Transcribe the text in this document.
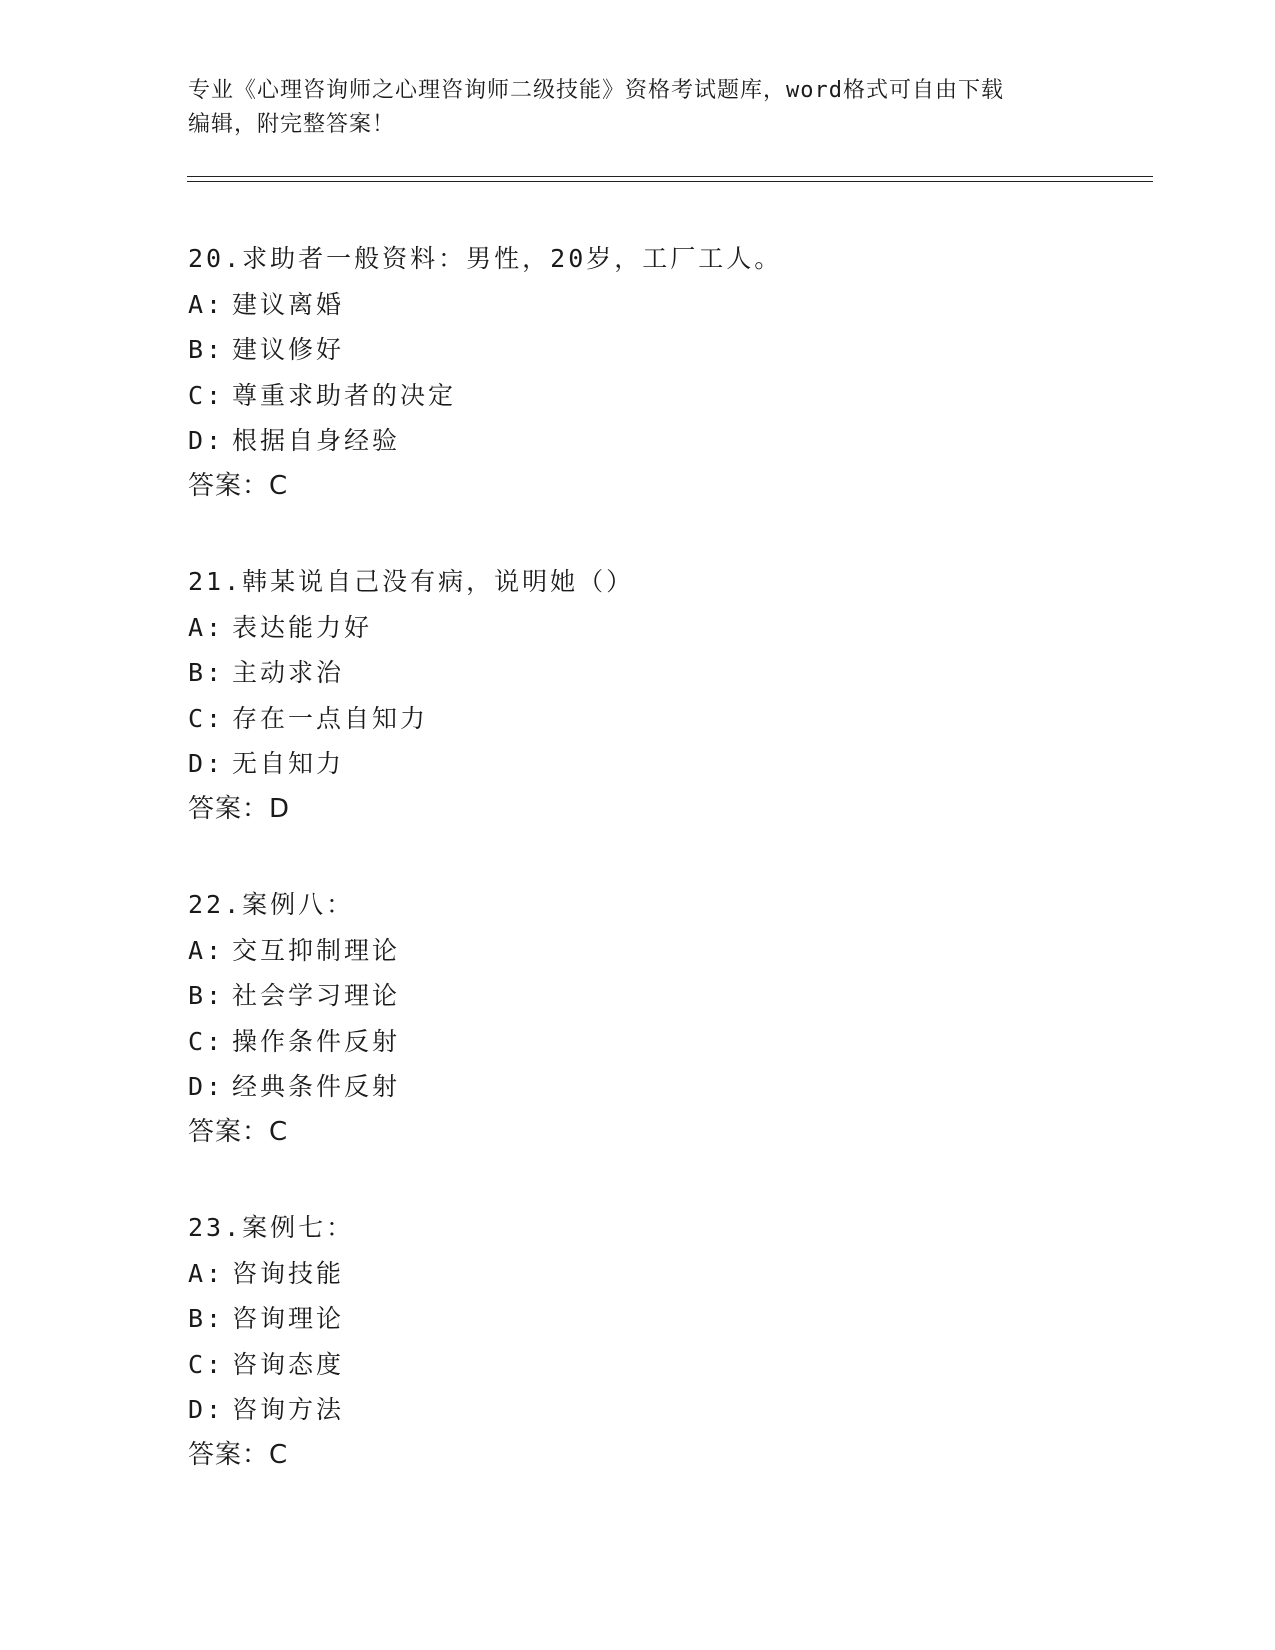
专业《心理咨询师之心理咨询师二级技能》资格考试题库，word格式可自由下载
编辑，附完整答案！
20.求助者一般资料：男性，20岁，工厂工人。
A: 建议离婚
B: 建议修好
C: 尊重求助者的决定
D: 根据自身经验
答案：C
21.韩某说自己没有病，说明她（）
A: 表达能力好
B: 主动求治
C: 存在一点自知力
D: 无自知力
答案：D
22.案例八：
A: 交互抑制理论
B: 社会学习理论
C: 操作条件反射
D: 经典条件反射
答案：C
23.案例七：
A: 咨询技能
B: 咨询理论
C: 咨询态度
D: 咨询方法
答案：C
